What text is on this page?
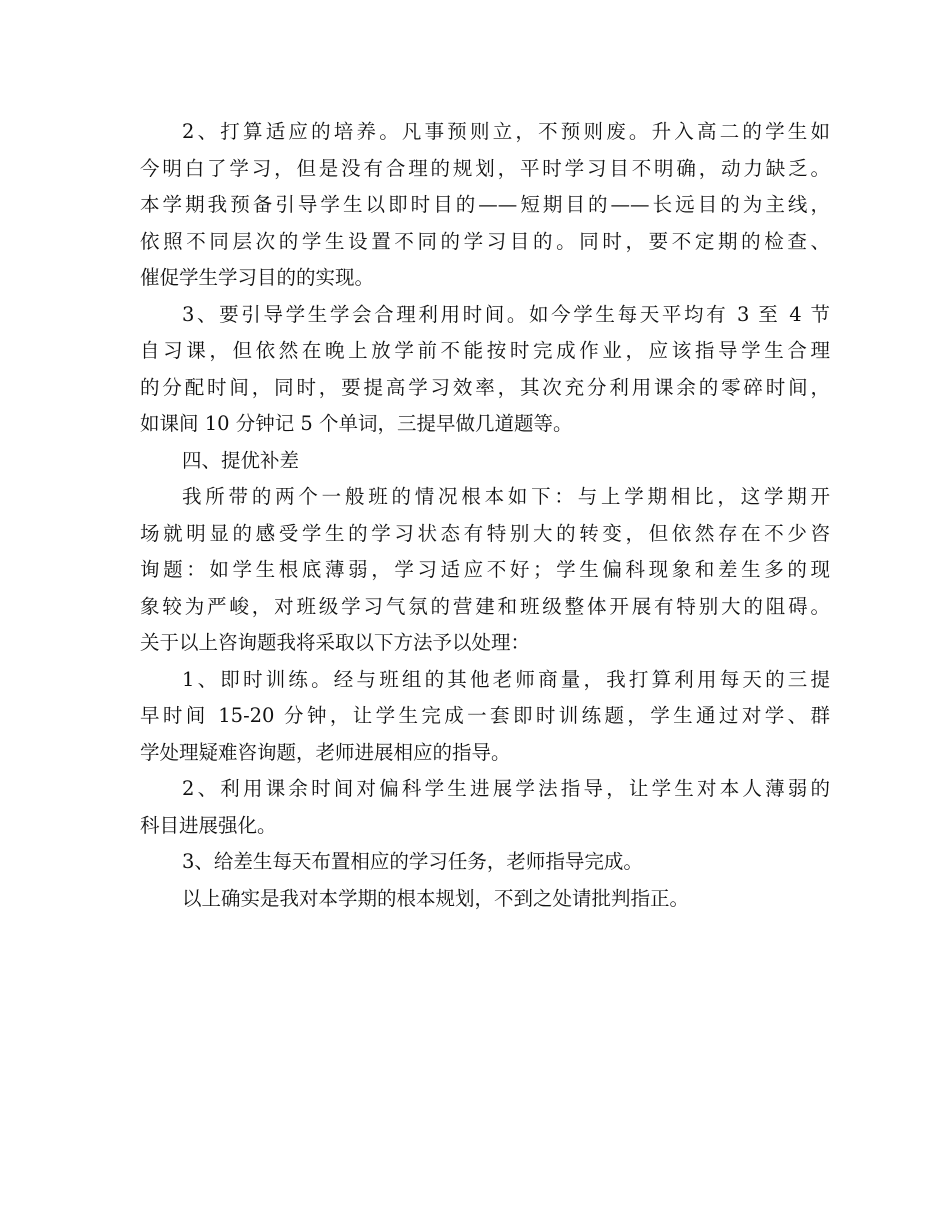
2、打算适应的培养。凡事预则立，不预则废。升入高二的学生如
今明白了学习，但是没有合理的规划，平时学习目不明确，动力缺乏。
本学期我预备引导学生以即时目的——短期目的——长远目的为主线，
依照不同层次的学生设置不同的学习目的。同时，要不定期的检查、
催促学生学习目的的实现。
3、要引导学生学会合理利用时间。如今学生每天平均有 3 至 4 节
自习课，但依然在晚上放学前不能按时完成作业，应该指导学生合理
的分配时间，同时，要提高学习效率，其次充分利用课余的零碎时间，
如课间 10 分钟记 5 个单词，三提早做几道题等。
四、提优补差
我所带的两个一般班的情况根本如下：与上学期相比，这学期开
场就明显的感受学生的学习状态有特别大的转变，但依然存在不少咨
询题：如学生根底薄弱，学习适应不好；学生偏科现象和差生多的现
象较为严峻，对班级学习气氛的营建和班级整体开展有特别大的阻碍。
关于以上咨询题我将采取以下方法予以处理：
1、即时训练。经与班组的其他老师商量，我打算利用每天的三提
早时间 15-20 分钟，让学生完成一套即时训练题，学生通过对学、群
学处理疑难咨询题，老师进展相应的指导。
2、利用课余时间对偏科学生进展学法指导，让学生对本人薄弱的
科目进展强化。
3、给差生每天布置相应的学习任务，老师指导完成。
以上确实是我对本学期的根本规划，不到之处请批判指正。
